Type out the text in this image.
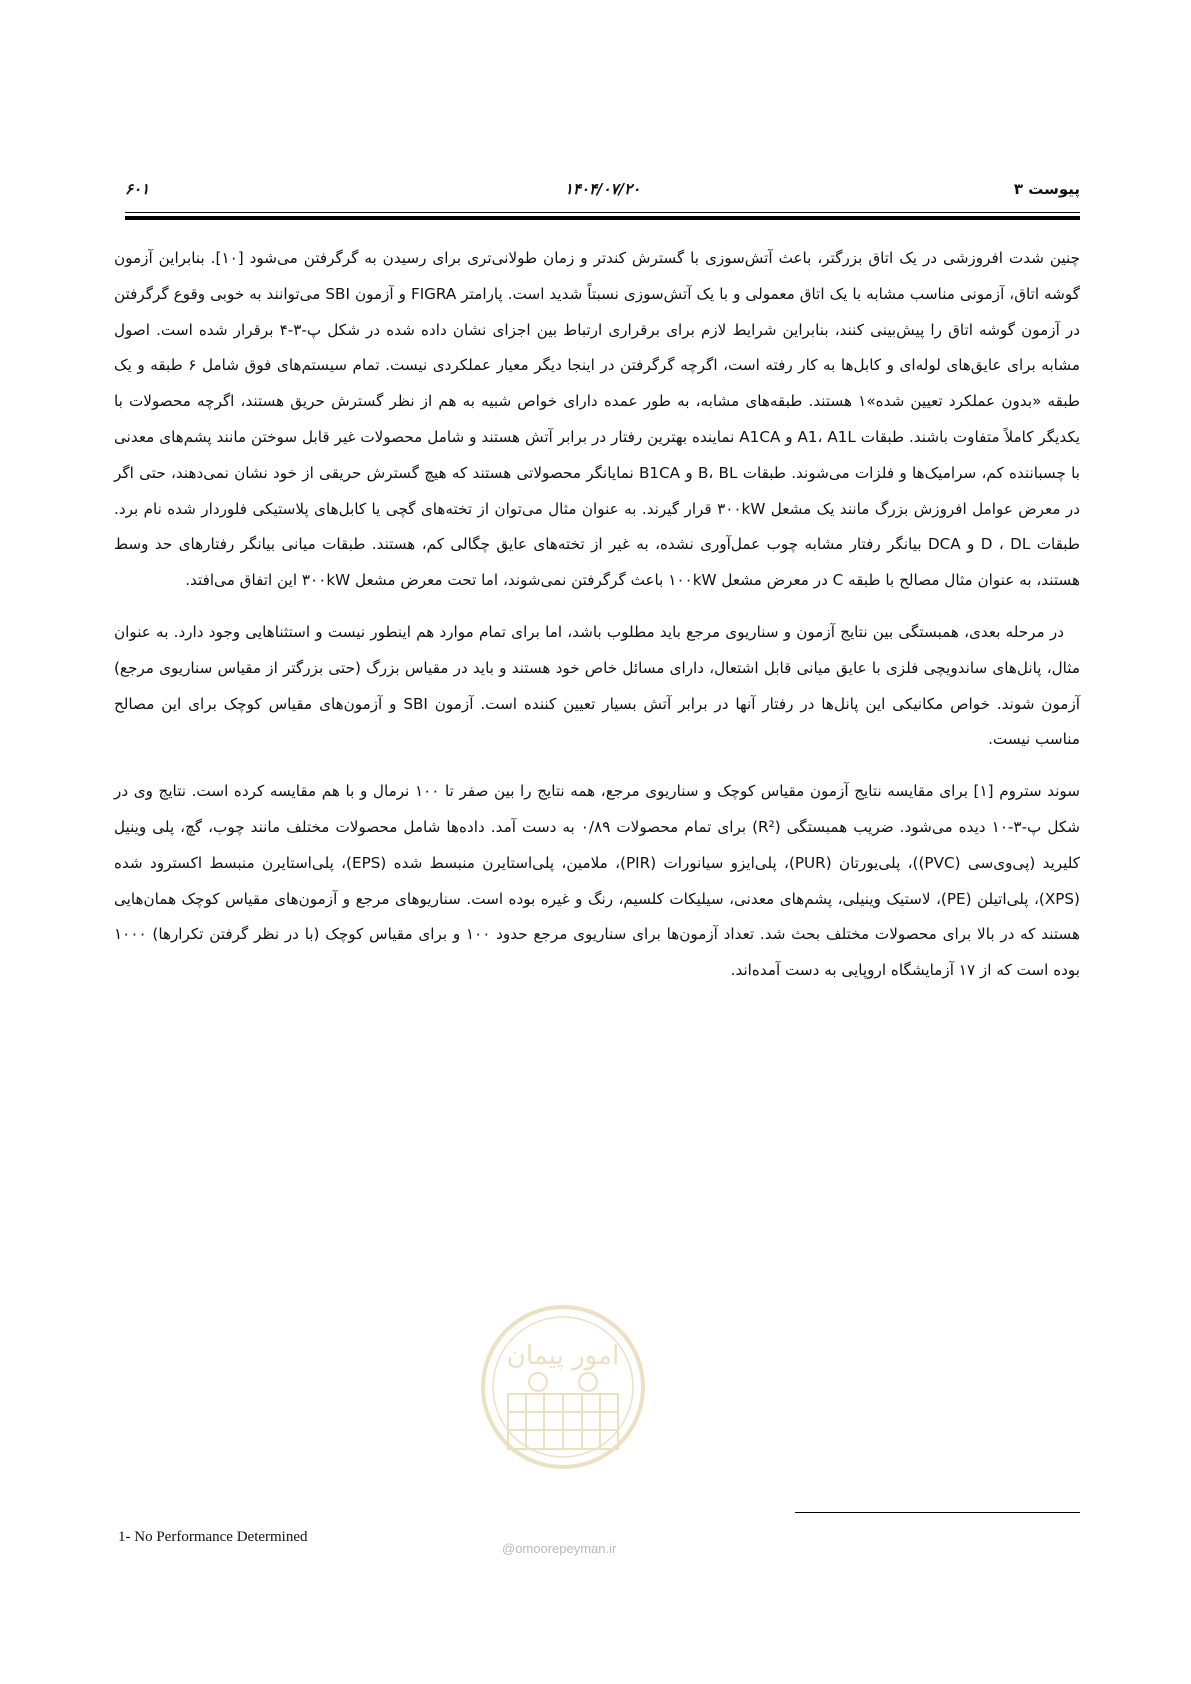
پیوست ۳
۱۴۰۴/۰۷/۲۰
۶۰۱

چنین شدت افروزشی در یک اتاق بزرگتر، باعث آتش‌سوزی با گسترش کندتر و زمان طولانی‌تری برای رسیدن به گرگرفتن می‌شود [۱۰]. بنابراین آزمون گوشه اتاق، آزمونی مناسب مشابه با یک اتاق معمولی و با یک آتش‌سوزی نسبتاً شدید است. پارامتر FIGRA و آزمون SBI می‌توانند به خوبی وقوع گرگرفتن در آزمون گوشه اتاق را پیش‌بینی کنند، بنابراین شرایط لازم برای برقراری ارتباط بین اجزای نشان داده شده در شکل پ-۳-۴ برقرار شده است. اصول مشابه برای عایق‌های لوله‌ای و کابل‌ها به کار رفته است، اگرچه گرگرفتن در اینجا دیگر معیار عملکردی نیست. تمام سیستم‌های فوق شامل ۶ طبقه و یک طبقه «بدون عملکرد تعیین شده»۱ هستند. طبقه‌های مشابه، به طور عمده دارای خواص شبیه به هم از نظر گسترش حریق هستند، اگرچه محصولات با یکدیگر کاملاً متفاوت باشند. طبقات A1، A1L و A1CA نماینده بهترین رفتار در برابر آتش هستند و شامل محصولات غیر قابل سوختن مانند پشم‌های معدنی با چسباننده کم، سرامیک‌ها و فلزات می‌شوند. طبقات B، BL و B1CA نمایانگر محصولاتی هستند که هیچ گسترش حریقی از خود نشان نمی‌دهند، حتی اگر در معرض عوامل افروزش بزرگ مانند یک مشعل ۳۰۰kW قرار گیرند. به عنوان مثال می‌توان از تخته‌های گچی یا کابل‌های پلاستیکی فلوردار شده نام برد. طبقات D ، DL و DCA بیانگر رفتار مشابه چوب عمل‌آوری نشده، به غیر از تخته‌های عایق چگالی کم، هستند. طبقات میانی بیانگر رفتارهای حد وسط هستند، به عنوان مثال مصالح با طبقه C در معرض مشعل ۱۰۰kW باعث گرگرفتن نمی‌شوند، اما تحت معرض مشعل ۳۰۰kW این اتفاق می‌افتد.

در مرحله بعدی، همبستگی بین نتایج آزمون و سناریوی مرجع باید مطلوب باشد، اما برای تمام موارد هم اینطور نیست و استثناهایی وجود دارد. به عنوان مثال، پانل‌های ساندویچی فلزی با عایق میانی قابل اشتعال، دارای مسائل خاص خود هستند و باید در مقیاس بزرگ (حتی بزرگتر از مقیاس سناریوی مرجع) آزمون شوند. خواص مکانیکی این پانل‌ها در رفتار آنها در برابر آتش بسیار تعیین کننده است. آزمون SBI و آزمون‌های مقیاس کوچک برای این مصالح مناسب نیست.

سوند ستروم [۱] برای مقایسه نتایج آزمون مقیاس کوچک و سناریوی مرجع، همه نتایج را بین صفر تا ۱۰۰ نرمال و با هم مقایسه کرده است. نتایج وی در شکل پ-۳-۱۰ دیده می‌شود. ضریب همبستگی (R²) برای تمام محصولات ۰/۸۹ به دست آمد. داده‌ها شامل محصولات مختلف مانند چوب، گچ، پلی وینیل کلیرید (پی‌وی‌سی (PVC))، پلی‌یورتان (PUR)، پلی‌ایزو سیانورات (PIR)، ملامین، پلی‌استایرن منبسط شده (EPS)، پلی‌استایرن منبسط اکسترود شده (XPS)، پلی‌اتیلن (PE)، لاستیک وینیلی، پشم‌های معدنی، سیلیکات کلسیم، رنگ و غیره بوده است. سناریوهای مرجع و آزمون‌های مقیاس کوچک همان‌هایی هستند که در بالا برای محصولات مختلف بحث شد. تعداد آزمون‌ها برای سناریوی مرجع حدود ۱۰۰ و برای مقیاس کوچک (با در نظر گرفتن تکرارها) ۱۰۰۰ بوده است که از ۱۷ آزمایشگاه اروپایی به دست آمده‌اند.

امور پیمان
@omoorepeyman.ir
1- No Performance Determined
